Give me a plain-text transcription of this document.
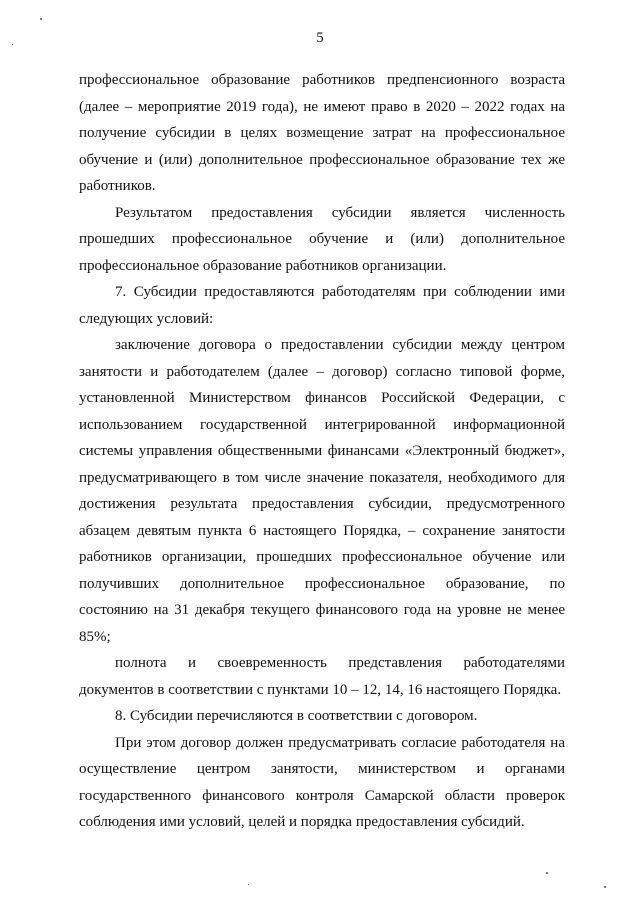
5

профессиональное образование работников предпенсионного возраста (далее – мероприятие 2019 года), не имеют право в 2020 – 2022 годах на получение субсидии в целях возмещение затрат на профессиональное обучение и (или) дополнительное профессиональное образование тех же работников.

Результатом предоставления субсидии является численность прошедших профессиональное обучение и (или) дополнительное профессиональное образование работников организации.

7. Субсидии предоставляются работодателям при соблюдении ими следующих условий:

заключение договора о предоставлении субсидии между центром занятости и работодателем (далее – договор) согласно типовой форме, установленной Министерством финансов Российской Федерации, с использованием государственной интегрированной информационной системы управления общественными финансами «Электронный бюджет», предусматривающего в том числе значение показателя, необходимого для достижения результата предоставления субсидии, предусмотренного абзацем девятым пункта 6 настоящего Порядка, – сохранение занятости работников организации, прошедших профессиональное обучение или получивших дополнительное профессиональное образование, по состоянию на 31 декабря текущего финансового года на уровне не менее 85%;

полнота и своевременность представления работодателями документов в соответствии с пунктами 10 – 12, 14, 16 настоящего Порядка.

8. Субсидии перечисляются в соответствии с договором.

При этом договор должен предусматривать согласие работодателя на осуществление центром занятости, министерством и органами государственного финансового контроля Самарской области проверок соблюдения ими условий, целей и порядка предоставления субсидий.
